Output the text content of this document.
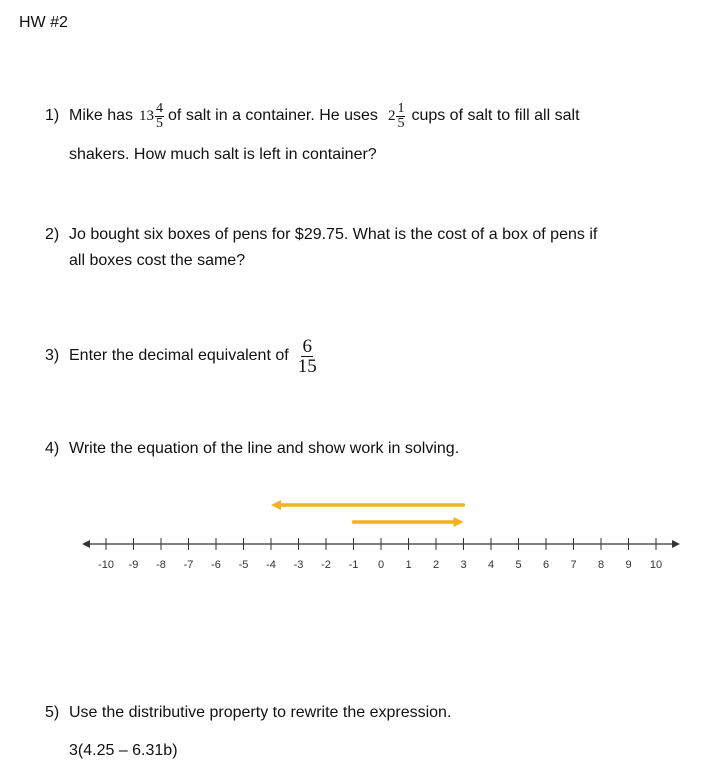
HW #2
1) Mike has $13 \frac{4}{5}$ of salt in a container. He uses $2 \frac{1}{5}$ cups of salt to fill all salt
shakers. How much salt is left in container?
2) Jo bought six boxes of pens for $29.75. What is the cost of a box of pens if
all boxes cost the same?
3) Enter the decimal equivalent of $\frac{6}{15}$
4) Write the equation of the line and show work in solving.
-10 -9 -8 -7 -6 -5 -4 -3 -2 -1 0 1 2 3 4 5 6 7 8 9 10
5) Use the distributive property to rewrite the expression.
3(4.25 – 6.31b)
